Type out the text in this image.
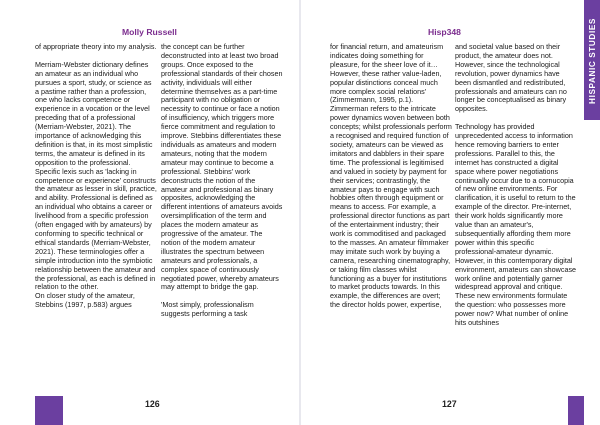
Molly Russell

of appropriate theory into my analysis.

Merriam-Webster dictionary defines an amateur as an individual who pursues a sport, study, or science as a pastime rather than a profession, one who lacks competence or experience in a vocation or the level preceding that of a professional (Merriam-Webster, 2021). The importance of acknowledging this definition is that, in its most simplistic terms, the amateur is defined in its opposition to the professional. Specific lexis such as 'lacking in competence or experience' constructs the amateur as lesser in skill, practice, and ability. Professional is defined as an individual who obtains a career or livelihood from a specific profession (often engaged with by amateurs) by conforming to specific technical or ethical standards (Merriam-Webster, 2021). These terminologies offer a simple introduction into the symbiotic relationship between the amateur and the professional, as each is defined in relation to the other.

On closer study of the amateur, Stebbins (1997, p.583) argues

the concept can be further deconstructed into at least two broad groups. Once exposed to the professional standards of their chosen activity, individuals will either determine themselves as a part-time participant with no obligation or necessity to continue or face a notion of insufficiency, which triggers more fierce commitment and regulation to improve. Stebbins differentiates these individuals as amateurs and modern amateurs, noting that the modern amateur may continue to become a professional. Stebbins' work deconstructs the notion of the amateur and professional as binary opposites, acknowledging the different intentions of amateurs avoids oversimplification of the term and places the modern amateur as progressive of the amateur. The notion of the modern amateur illustrates the spectrum between amateurs and professionals, a complex space of continuously negotiated power, whereby amateurs may attempt to bridge the gap.

'Most simply, professionalism suggests performing a task

126
Hisp348

for financial return, and amateurism indicates doing something for pleasure, for the sheer love of it… However, these rather value-laden, popular distinctions conceal much more complex social relations' (Zimmermann, 1995, p.1). Zimmerman refers to the intricate power dynamics woven between both concepts; whilst professionals perform a recognised and required function of society, amateurs can be viewed as imitators and dabblers in their spare time. The professional is legitimised and valued in society by payment for their services; contrastingly, the amateur pays to engage with such hobbies often through equipment or means to access. For example, a professional director functions as part of the entertainment industry; their work is commoditised and packaged to the masses. An amateur filmmaker may imitate such work by buying a camera, researching cinematography, or taking film classes whilst functioning as a buyer for institutions to market products towards. In this example, the differences are overt; the director holds power, expertise,

and societal value based on their product, the amateur does not. However, since the technological revolution, power dynamics have been dismantled and redistributed, professionals and amateurs can no longer be conceptualised as binary opposites.

Technology has provided unprecedented access to information hence removing barriers to enter professions. Parallel to this, the internet has constructed a digital space where power negotiations continually occur due to a cornucopia of new online environments. For clarification, it is useful to return to the example of the director. Pre-internet, their work holds significantly more value than an amateur's, subsequentially affording them more power within this specific professional-amateur dynamic. However, in this contemporary digital environment, amateurs can showcase work online and potentially garner widespread approval and critique. These new environments formulate the question: who possesses more power now? What number of online hits outshines

127
HISPANIC STUDIES
